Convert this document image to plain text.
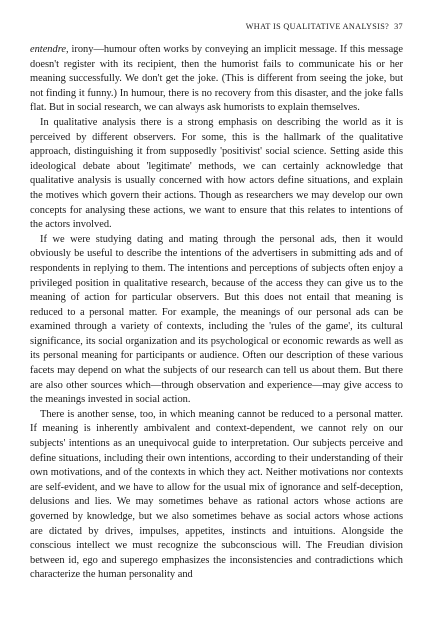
WHAT IS QUALITATIVE ANALYSIS? 37

entendre, irony—humour often works by conveying an implicit message. If this message doesn't register with its recipient, then the humorist fails to communicate his or her meaning successfully. We don't get the joke. (This is different from seeing the joke, but not finding it funny.) In humour, there is no recovery from this disaster, and the joke falls flat. But in social research, we can always ask humorists to explain themselves.

In qualitative analysis there is a strong emphasis on describing the world as it is perceived by different observers. For some, this is the hallmark of the qualitative approach, distinguishing it from supposedly 'positivist' social science. Setting aside this ideological debate about 'legitimate' methods, we can certainly acknowledge that qualitative analysis is usually concerned with how actors define situations, and explain the motives which govern their actions. Though as researchers we may develop our own concepts for analysing these actions, we want to ensure that this relates to intentions of the actors involved.

If we were studying dating and mating through the personal ads, then it would obviously be useful to describe the intentions of the advertisers in submitting ads and of respondents in replying to them. The intentions and perceptions of subjects often enjoy a privileged position in qualitative research, because of the access they can give us to the meaning of action for particular observers. But this does not entail that meaning is reduced to a personal matter. For example, the meanings of our personal ads can be examined through a variety of contexts, including the 'rules of the game', its cultural significance, its social organization and its psychological or economic rewards as well as its personal meaning for participants or audience. Often our description of these various facets may depend on what the subjects of our research can tell us about them. But there are also other sources which—through observation and experience—may give access to the meanings invested in social action.

There is another sense, too, in which meaning cannot be reduced to a personal matter. If meaning is inherently ambivalent and context-dependent, we cannot rely on our subjects' intentions as an unequivocal guide to interpretation. Our subjects perceive and define situations, including their own intentions, according to their understanding of their own motivations, and of the contexts in which they act. Neither motivations nor contexts are self-evident, and we have to allow for the usual mix of ignorance and self-deception, delusions and lies. We may sometimes behave as rational actors whose actions are governed by knowledge, but we also sometimes behave as social actors whose actions are dictated by drives, impulses, appetites, instincts and intuitions. Alongside the conscious intellect we must recognize the subconscious will. The Freudian division between id, ego and superego emphasizes the inconsistencies and contradictions which characterize the human personality and
